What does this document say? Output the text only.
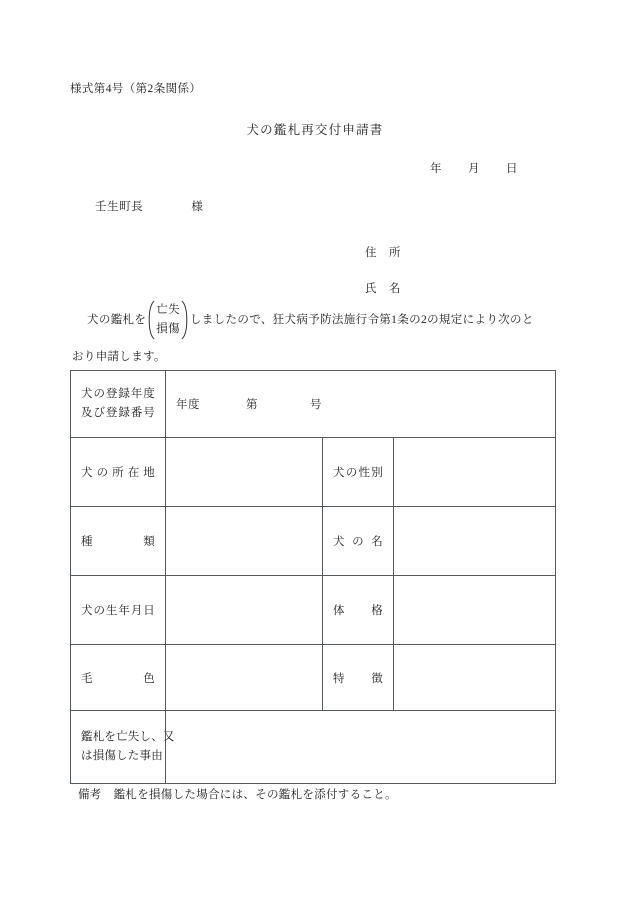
様式第4号（第2条関係）
犬の鑑札再交付申請書
年 月 日
壬生町長	様
住　所
氏　名
犬の鑑札を
亡失
損傷
しましたので、狂犬病予防法施行令第1条の2の規定により次のと
おり申請します。
犬の登録年度
及び登録番号	年度 第 号		

犬の所在地		犬の性別	

種類		犬の名	

犬の生年月日		体格	

毛色		特徴	

鑑札を亡失し、又
は損傷した事由			

備考 鑑札を損傷した場合には、その鑑札を添付すること。
